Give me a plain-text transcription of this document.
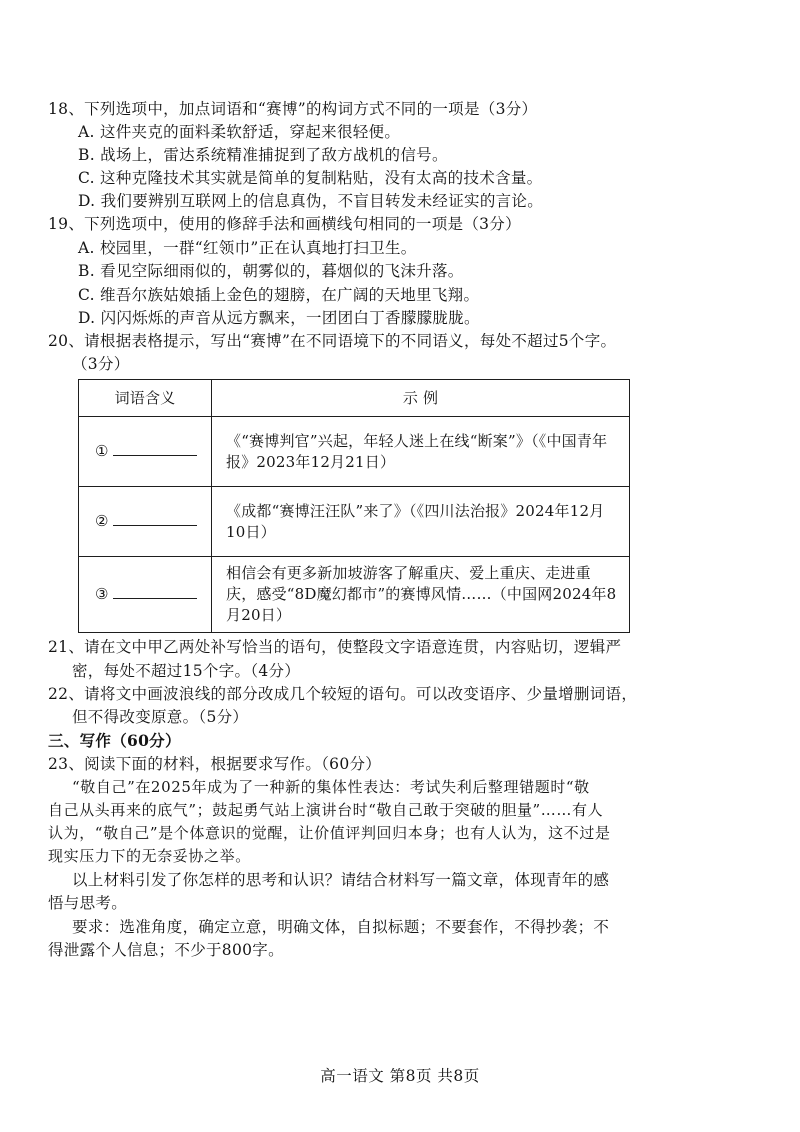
18、下列选项中，加点词语和“赛博”的构词方式不同的一项是（3分）
A. 这件夹克的面料柔软舒适，穿起来很轻便。
B. 战场上，雷达系统精准捕捉到了敌方战机的信号。
C. 这种克隆技术其实就是简单的复制粘贴，没有太高的技术含量。
D. 我们要辨别互联网上的信息真伪，不盲目转发未经证实的言论。
19、下列选项中，使用的修辞手法和画横线句相同的一项是（3分）
A. 校园里，一群“红领巾”正在认真地打扫卫生。
B. 看见空际细雨似的，朝雾似的，暮烟似的飞沫升落。
C. 维吾尔族姑娘插上金色的翅膀，在广阔的天地里飞翔。
D. 闪闪烁烁的声音从远方飘来，一团团白丁香朦朦胧胧。
20、请根据表格提示，写出“赛博”在不同语境下的不同语义，每处不超过5个字。
（3分）
词语含义	示 例
①	《“赛博判官”兴起，年轻人迷上在线“断案”》（《中国青年报》2023年12月21日）
②	《成都“赛博汪汪队”来了》（《四川法治报》2024年12月10日）
③	相信会有更多新加坡游客了解重庆、爱上重庆、走进重庆，感受“8D魔幻都市”的赛博风情……（中国网2024年8月20日）
21、请在文中甲乙两处补写恰当的语句，使整段文字语意连贯，内容贴切，逻辑严
密，每处不超过15个字。（4分）
22、请将文中画波浪线的部分改成几个较短的语句。可以改变语序、少量增删词语，
但不得改变原意。（5分）
三、写作（60分）
23、阅读下面的材料，根据要求写作。（60分）
“敬自己”在2025年成为了一种新的集体性表达：考试失利后整理错题时“敬
自己从头再来的底气”；鼓起勇气站上演讲台时“敬自己敢于突破的胆量”……有人
认为，“敬自己”是个体意识的觉醒，让价值评判回归本身；也有人认为，这不过是
现实压力下的无奈妥协之举。
以上材料引发了你怎样的思考和认识？请结合材料写一篇文章，体现青年的感
悟与思考。
要求：选准角度，确定立意，明确文体，自拟标题；不要套作，不得抄袭；不
得泄露个人信息；不少于800字。
高一语文 第8页 共8页
